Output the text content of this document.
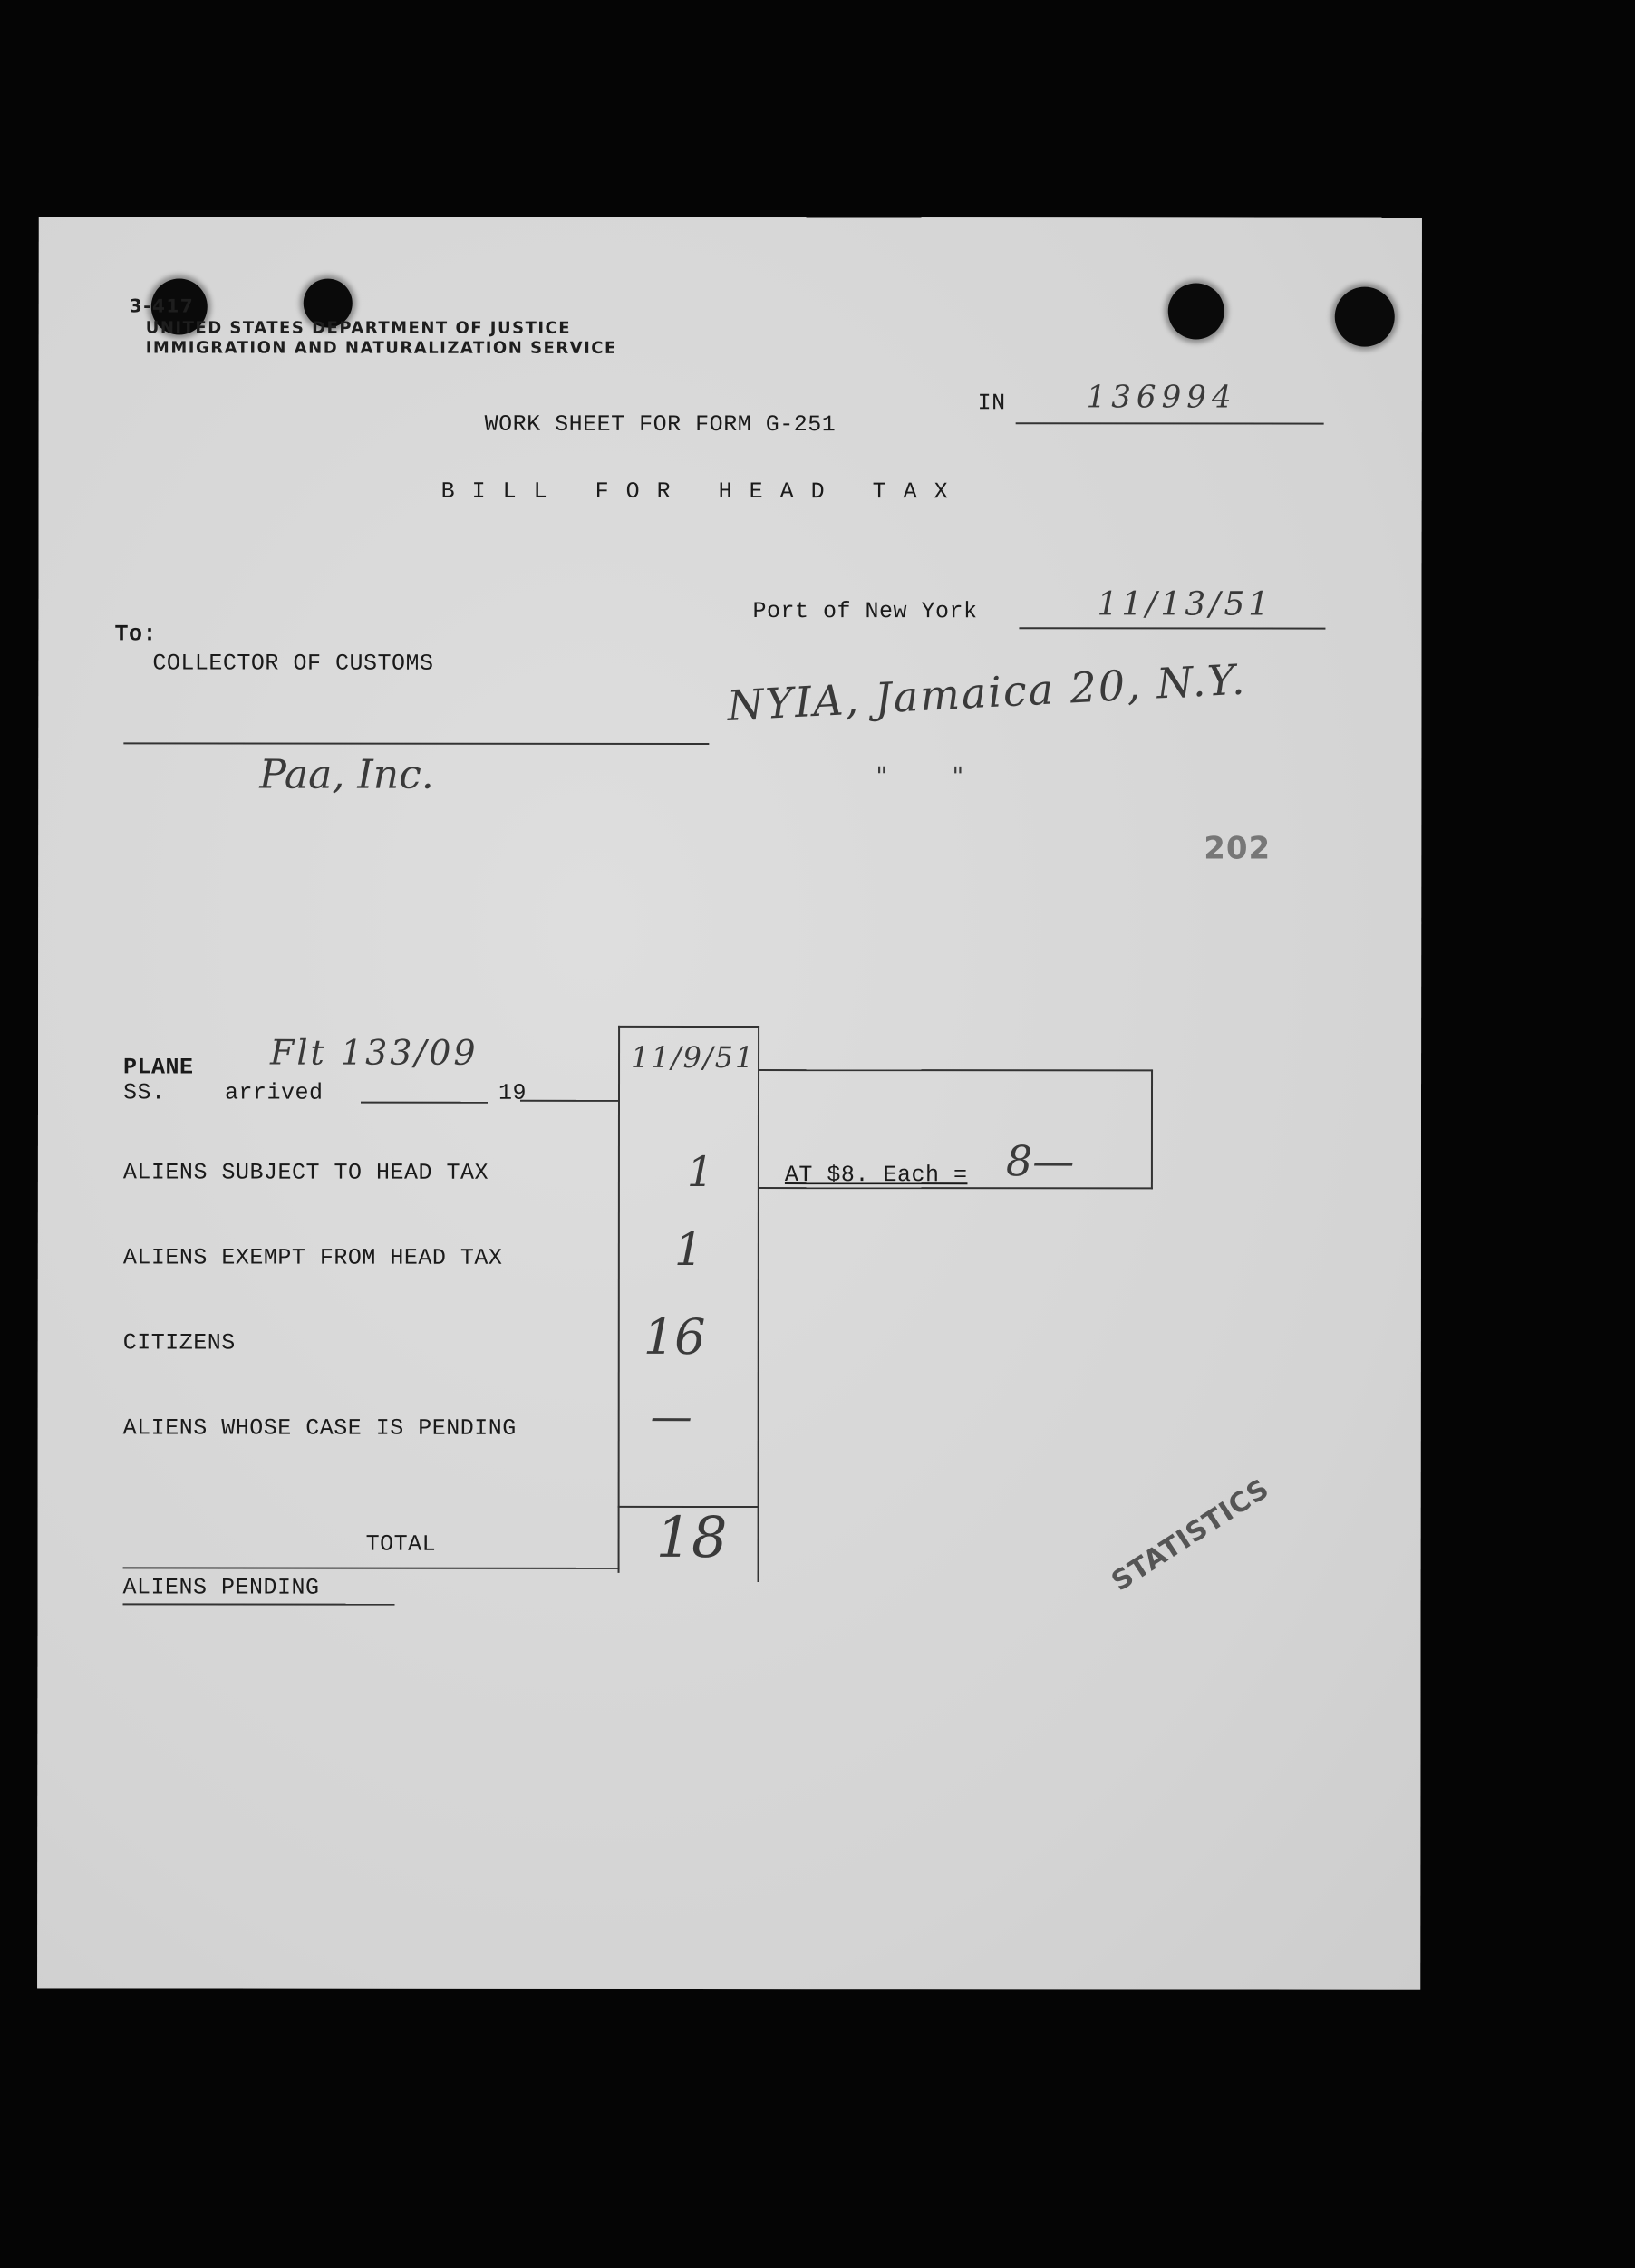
3-417
UNITED STATES DEPARTMENT OF JUSTICE
IMMIGRATION AND NATURALIZATION SERVICE
IN	136994
WORK SHEET FOR FORM G-251
B I L L   F O R   H E A D   T A X
Port of New York	11/13/51
To:
COLLECTOR OF CUSTOMS	NYIA, Jamaica 20, N.Y.
Paa, Inc.	"        "
202
PLANE
SS.	arrived	19
Flt 133/09	11/9/51
ALIENS SUBJECT TO HEAD TAX	1
ALIENS EXEMPT FROM HEAD TAX	1
CITIZENS	16
ALIENS WHOSE CASE IS PENDING	—
TOTAL	18
AT $8. Each = 8—
ALIENS PENDING	STATISTICS
